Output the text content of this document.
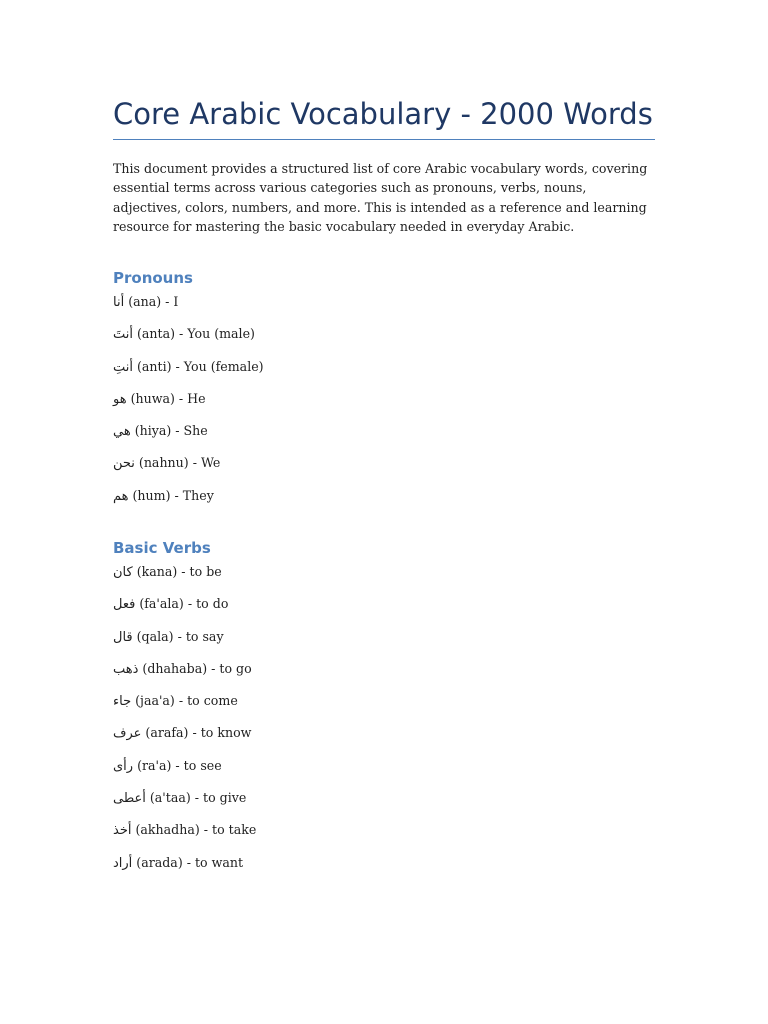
Core Arabic Vocabulary - 2000 Words

This document provides a structured list of core Arabic vocabulary words, covering essential terms across various categories such as pronouns, verbs, nouns, adjectives, colors, numbers, and more. This is intended as a reference and learning resource for mastering the basic vocabulary needed in everyday Arabic.

Pronouns
أنا (ana) - I
أنتَ (anta) - You (male)
أنتِ (anti) - You (female)
هو (huwa) - He
هي (hiya) - She
نحن (nahnu) - We
هم (hum) - They
Basic Verbs
كان (kana) - to be
فعل (fa'ala) - to do
قال (qala) - to say
ذهب (dhahaba) - to go
جاء (jaa'a) - to come
عرف (arafa) - to know
رأى (ra'a) - to see
أعطى (a'taa) - to give
أخذ (akhadha) - to take
أراد (arada) - to want
